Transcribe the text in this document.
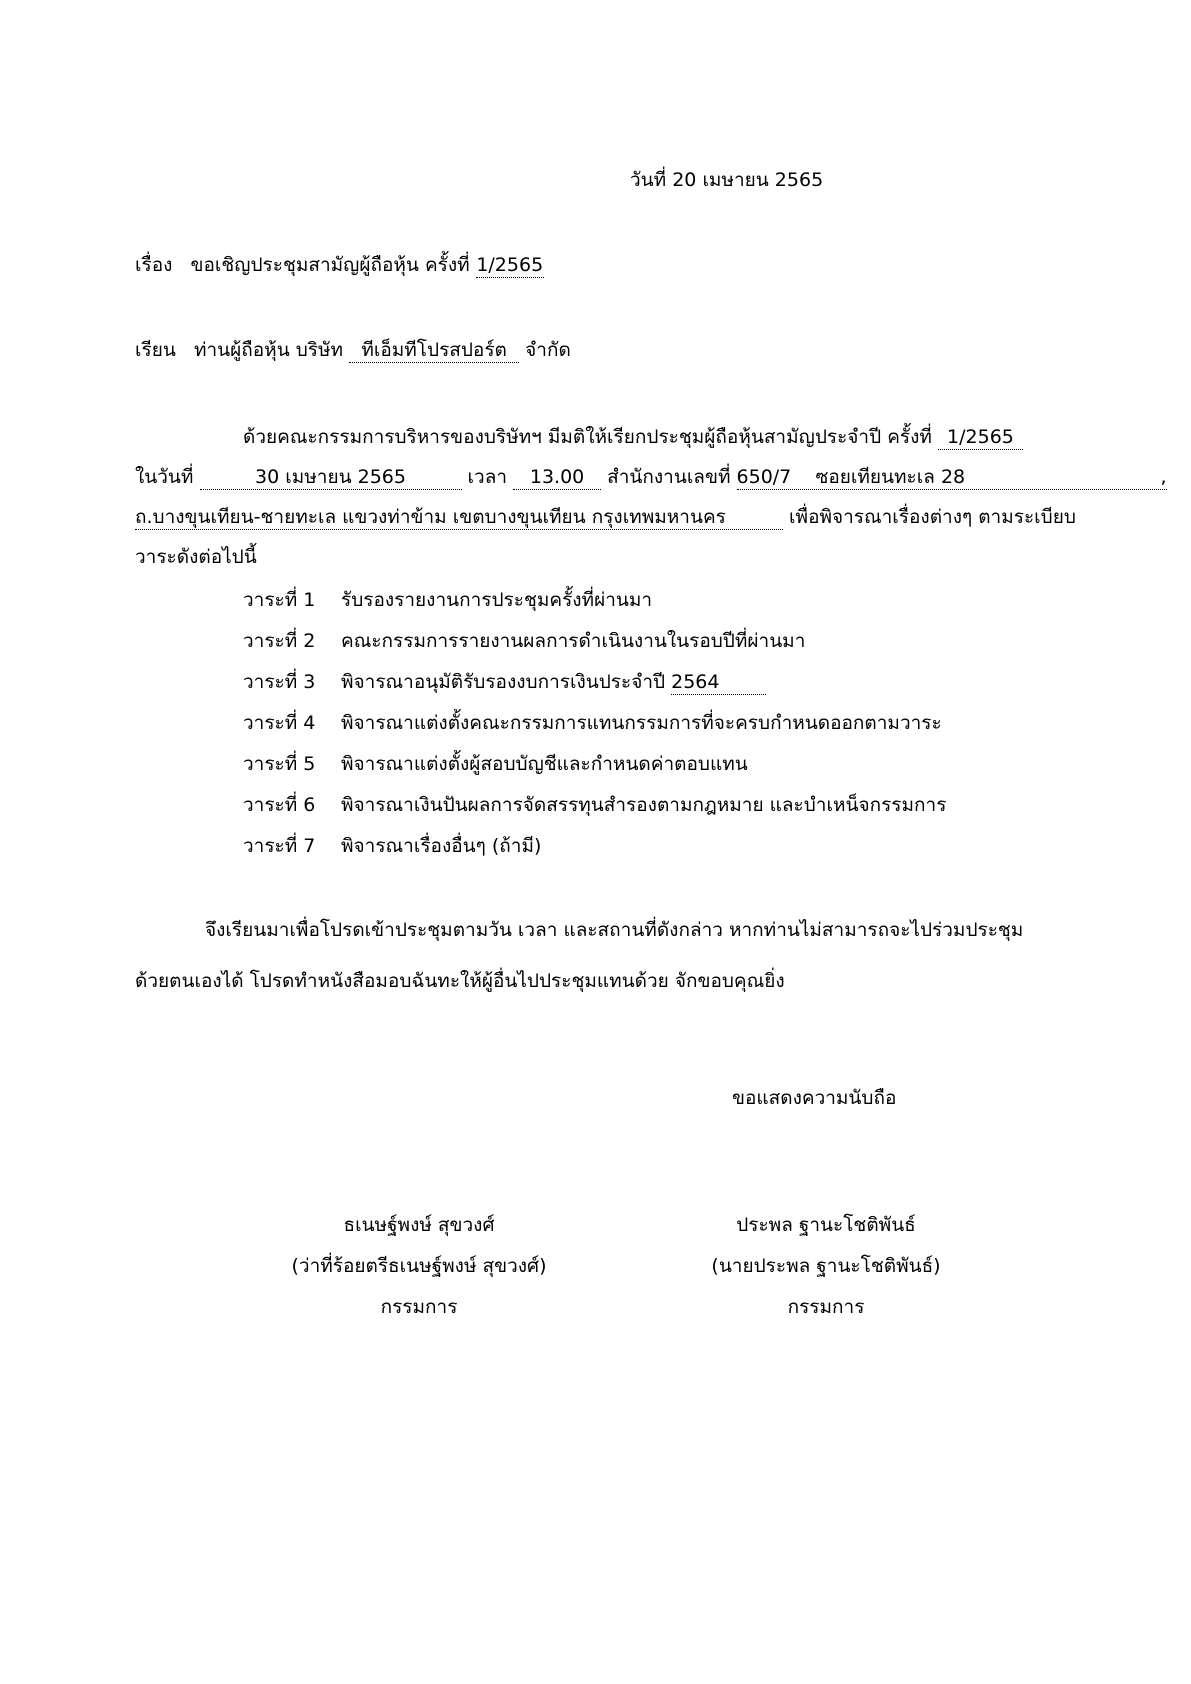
วันที่ 20 เมษายน 2565
เรื่อง ขอเชิญประชุมสามัญผู้ถือหุ้น ครั้งที่ 1/2565
เรียน ท่านผู้ถือหุ้น บริษัท ทีเอ็มทีโปรสปอร์ต จำกัด
ด้วยคณะกรรมการบริหารของบริษัทฯ มีมติให้เรียกประชุมผู้ถือหุ้นสามัญประจำปี ครั้งที่ 1/2565
ในวันที่	30 เมษายน 2565	เวลา 13.00 สำนักงานเลขที่ 650/7 ซอยเทียนทะเล 28	,
ถ.บางขุนเทียน-ชายทะเล แขวงท่าข้าม เขตบางขุนเทียน กรุงเทพมหานคร	เพื่อพิจารณาเรื่องต่างๆ ตามระเบียบ
วาระดังต่อไปนี้
วาระที่ 1 รับรองรายงานการประชุมครั้งที่ผ่านมา
วาระที่ 2 คณะกรรมการรายงานผลการดำเนินงานในรอบปีที่ผ่านมา
วาระที่ 3 พิจารณาอนุมัติรับรองงบการเงินประจำปี 2564
วาระที่ 4 พิจารณาแต่งตั้งคณะกรรมการแทนกรรมการที่จะครบกำหนดออกตามวาระ
วาระที่ 5 พิจารณาแต่งตั้งผู้สอบบัญชีและกำหนดค่าตอบแทน
วาระที่ 6 พิจารณาเงินปันผลการจัดสรรทุนสำรองตามกฎหมาย และบำเหน็จกรรมการ
วาระที่ 7 พิจารณาเรื่องอื่นๆ (ถ้ามี)
จึงเรียนมาเพื่อโปรดเข้าประชุมตามวัน เวลา และสถานที่ดังกล่าว หากท่านไม่สามารถจะไปร่วมประชุม
ด้วยตนเองได้ โปรดทำหนังสือมอบฉันทะให้ผู้อื่นไปประชุมแทนด้วย จักขอบคุณยิ่ง
ขอแสดงความนับถือ
ธเนษฐ์พงษ์ สุขวงศ์
(ว่าที่ร้อยตรีธเนษฐ์พงษ์ สุขวงศ์)
กรรมการ
ประพล ฐานะโชติพันธ์
(นายประพล ฐานะโชติพันธ์)
กรรมการ
